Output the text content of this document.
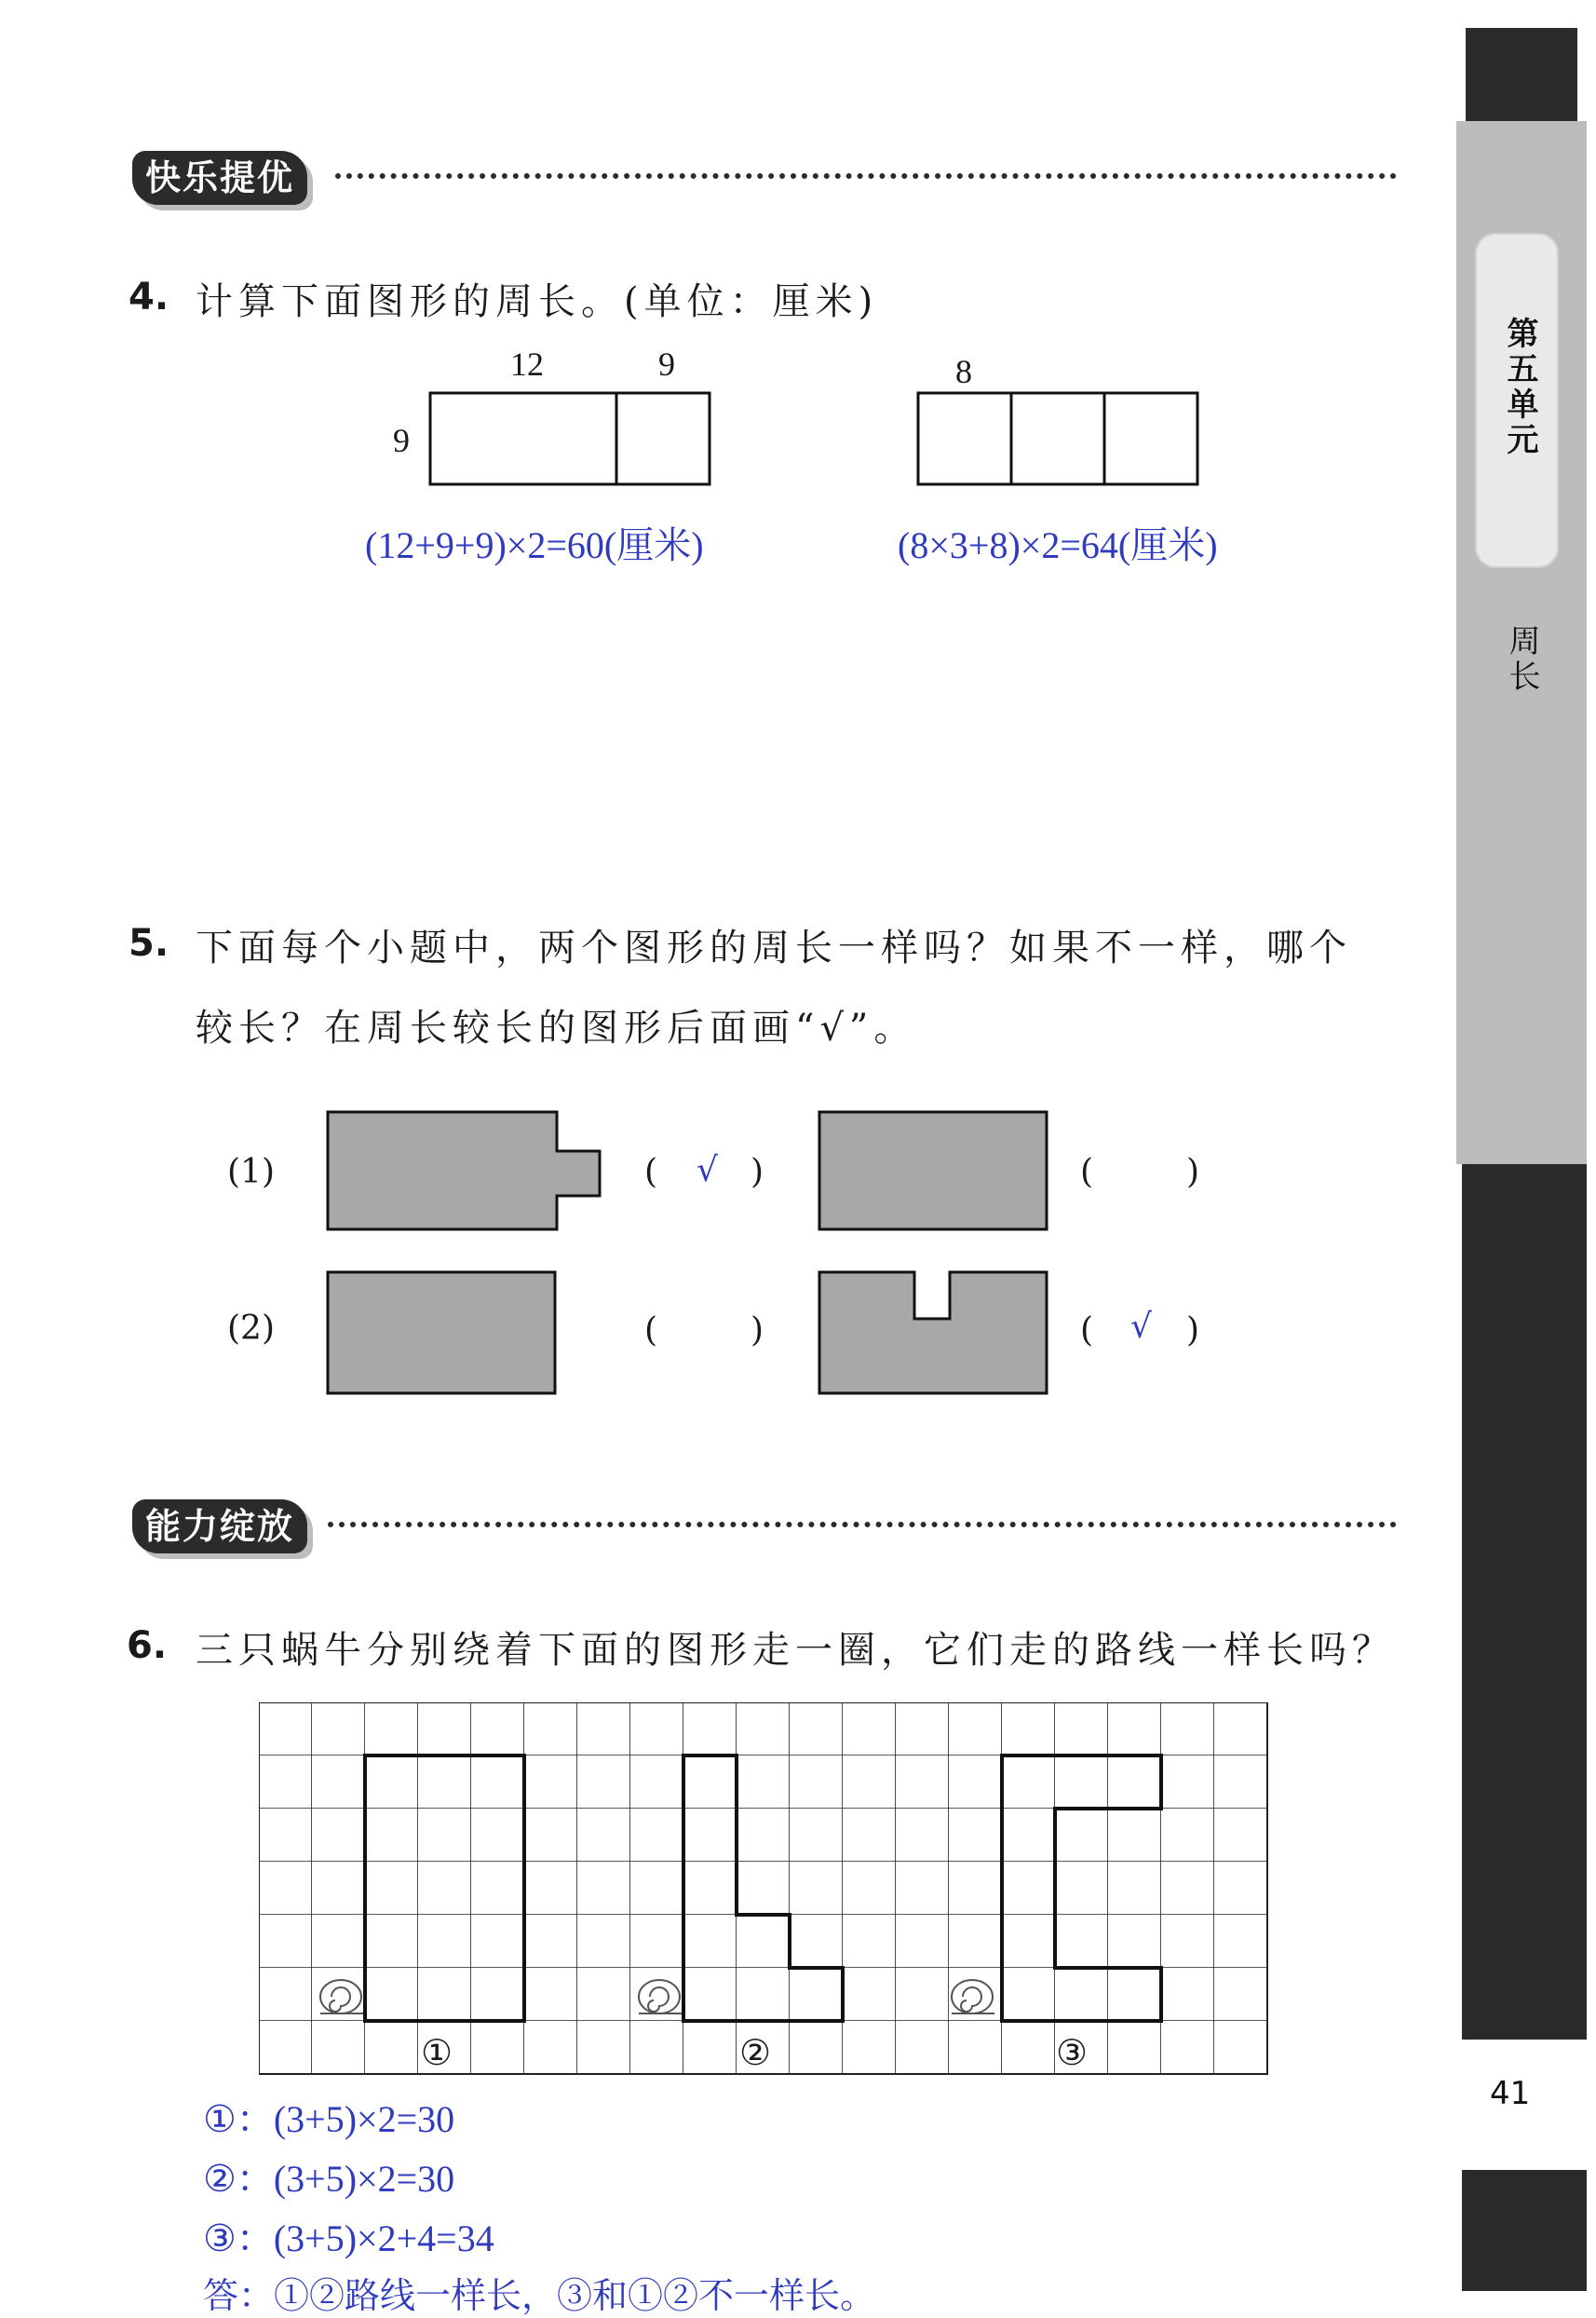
第五单元
周长
41
快乐提优
4. 计算下面图形的周长。(单位：厘米)
12	9
9
8
(12+9+9)×2=60(厘米)	(8×3+8)×2=64(厘米)
5. 下面每个小题中，两个图形的周长一样吗？如果不一样，哪个
较长？在周长较长的图形后面画“√”。
(1)
(2)
( √ )	(	)
(	)	( √ )
能力绽放
6. 三只蜗牛分别绕着下面的图形走一圈，它们走的路线一样长吗？
①	②	③
①：(3+5)×2=30
②：(3+5)×2=30
③：(3+5)×2+4=34
答：①②路线一样长，③和①②不一样长。
